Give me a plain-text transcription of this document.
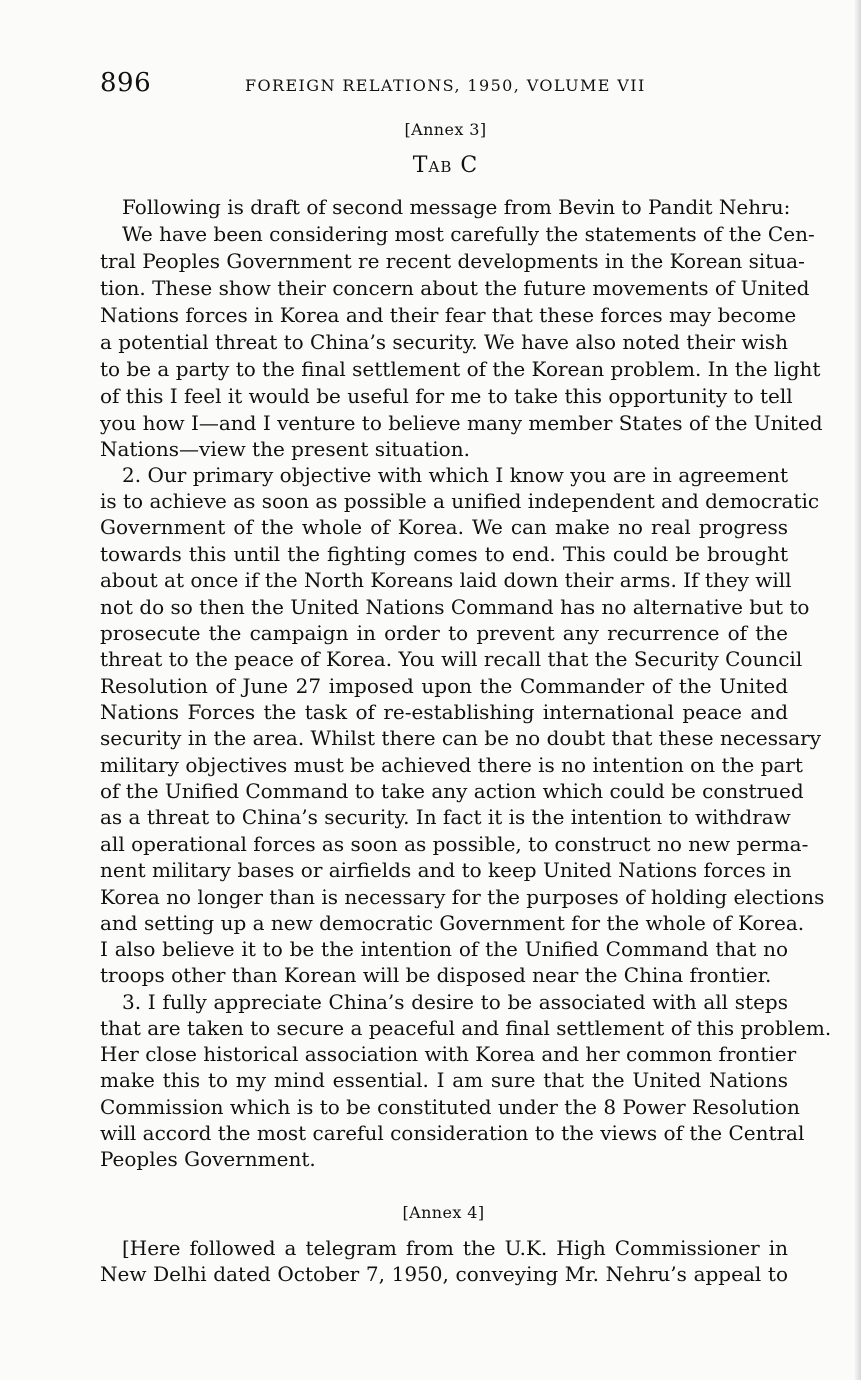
896	FOREIGN RELATIONS, 1950, VOLUME VII
[Annex 3]
Tab C
Following is draft of second message from Bevin to Pandit Nehru:
We have been considering most carefully the statements of the Cen-
tral Peoples Government re recent developments in the Korean situa-
tion. These show their concern about the future movements of United
Nations forces in Korea and their fear that these forces may become
a potential threat to China’s security. We have also noted their wish
to be a party to the final settlement of the Korean problem. In the light
of this I feel it would be useful for me to take this opportunity to tell
you how I—and I venture to believe many member States of the United
Nations—view the present situation.
2. Our primary objective with which I know you are in agreement
is to achieve as soon as possible a unified independent and democratic
Government of the whole of Korea. We can make no real progress
towards this until the fighting comes to end. This could be brought
about at once if the North Koreans laid down their arms. If they will
not do so then the United Nations Command has no alternative but to
prosecute the campaign in order to prevent any recurrence of the
threat to the peace of Korea. You will recall that the Security Council
Resolution of June 27 imposed upon the Commander of the United
Nations Forces the task of re-establishing international peace and
security in the area. Whilst there can be no doubt that these necessary
military objectives must be achieved there is no intention on the part
of the Unified Command to take any action which could be construed
as a threat to China’s security. In fact it is the intention to withdraw
all operational forces as soon as possible, to construct no new perma-
nent military bases or airfields and to keep United Nations forces in
Korea no longer than is necessary for the purposes of holding elections
and setting up a new democratic Government for the whole of Korea.
I also believe it to be the intention of the Unified Command that no
troops other than Korean will be disposed near the China frontier.
3. I fully appreciate China’s desire to be associated with all steps
that are taken to secure a peaceful and final settlement of this problem.
Her close historical association with Korea and her common frontier
make this to my mind essential. I am sure that the United Nations
Commission which is to be constituted under the 8 Power Resolution
will accord the most careful consideration to the views of the Central
Peoples Government.
[Annex 4]
[Here followed a telegram from the U.K. High Commissioner in
New Delhi dated October 7, 1950, conveying Mr. Nehru’s appeal to
